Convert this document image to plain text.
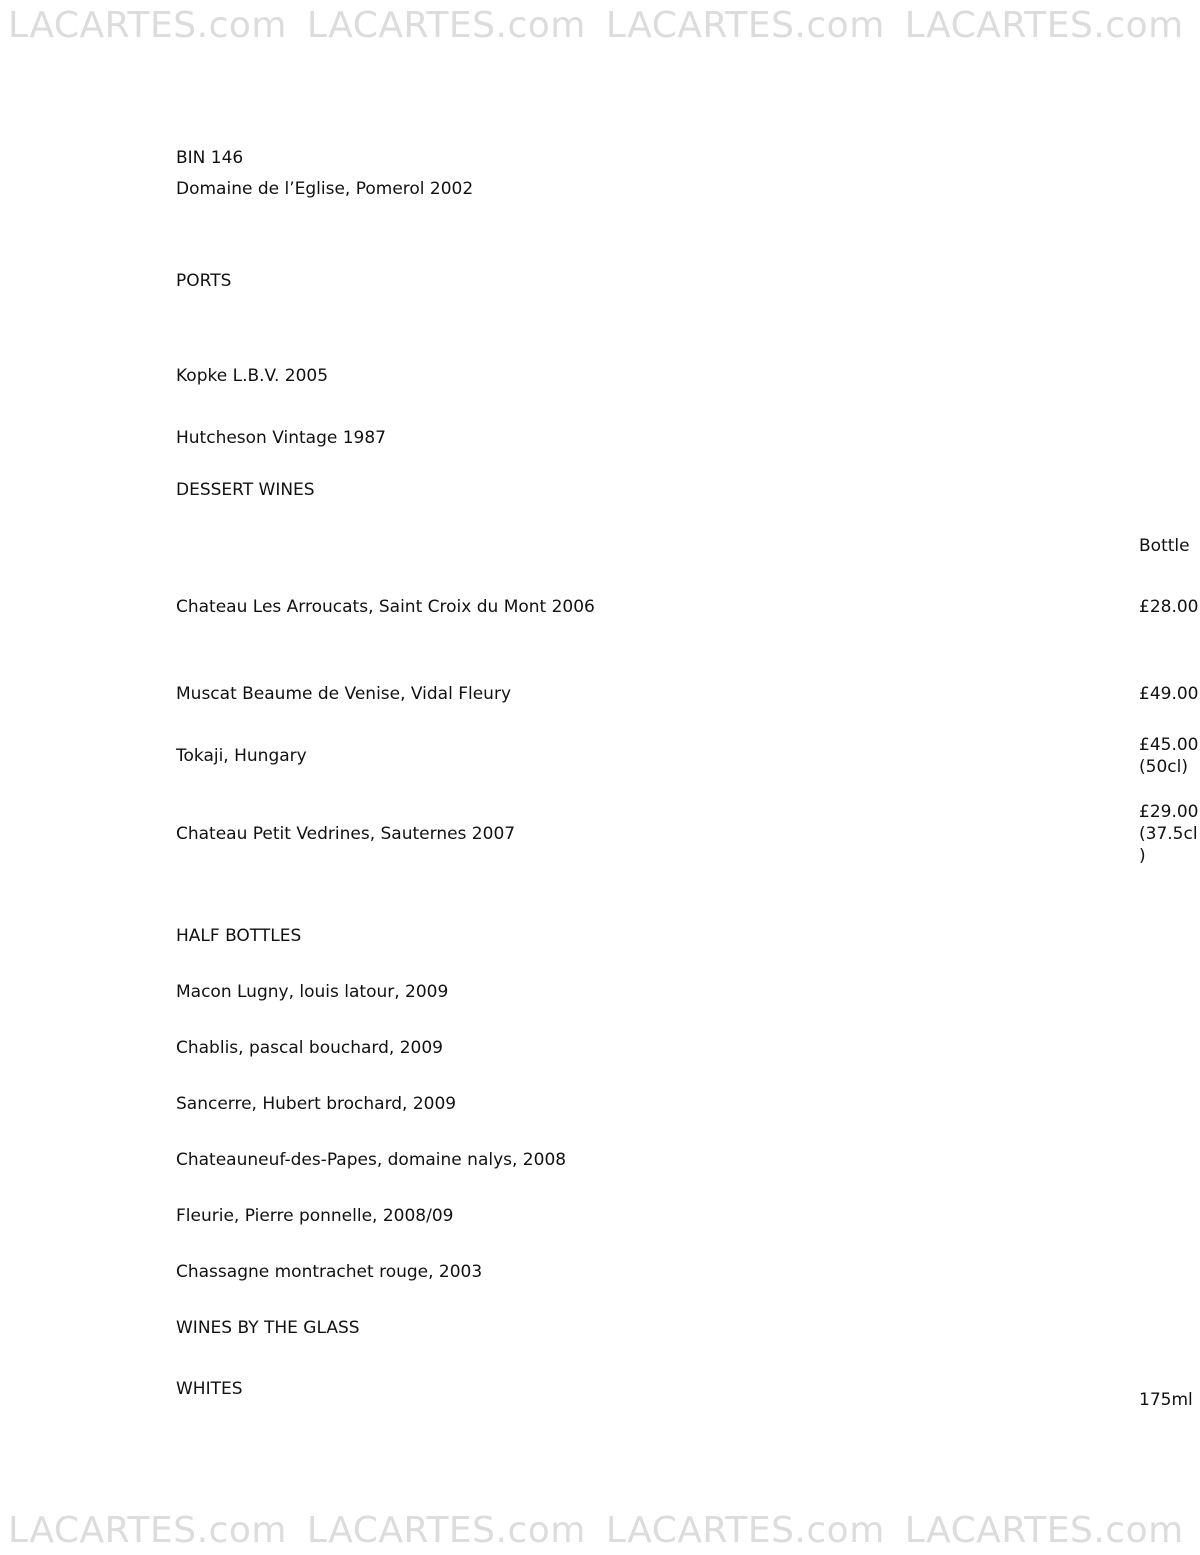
LACARTES.com LACARTES.com LACARTES.com LACARTES.com
BIN 146
Domaine de l’Eglise, Pomerol 2002
PORTS
Kopke L.B.V. 2005
Hutcheson Vintage 1987
DESSERT WINES
Bottle
Chateau Les Arroucats, Saint Croix du Mont 2006	£28.00
Muscat Beaume de Venise, Vidal Fleury	£49.00
Tokaji, Hungary
£45.00
(50cl)
Chateau Petit Vedrines, Sauternes 2007
£29.00
(37.5cl
)
HALF BOTTLES
Macon Lugny, louis latour, 2009
Chablis, pascal bouchard, 2009
Sancerre, Hubert brochard, 2009
Chateauneuf-des-Papes, domaine nalys, 2008
Fleurie, Pierre ponnelle, 2008/09
Chassagne montrachet rouge, 2003
WINES BY THE GLASS
WHITES
175ml
LACARTES.com LACARTES.com LACARTES.com LACARTES.com
